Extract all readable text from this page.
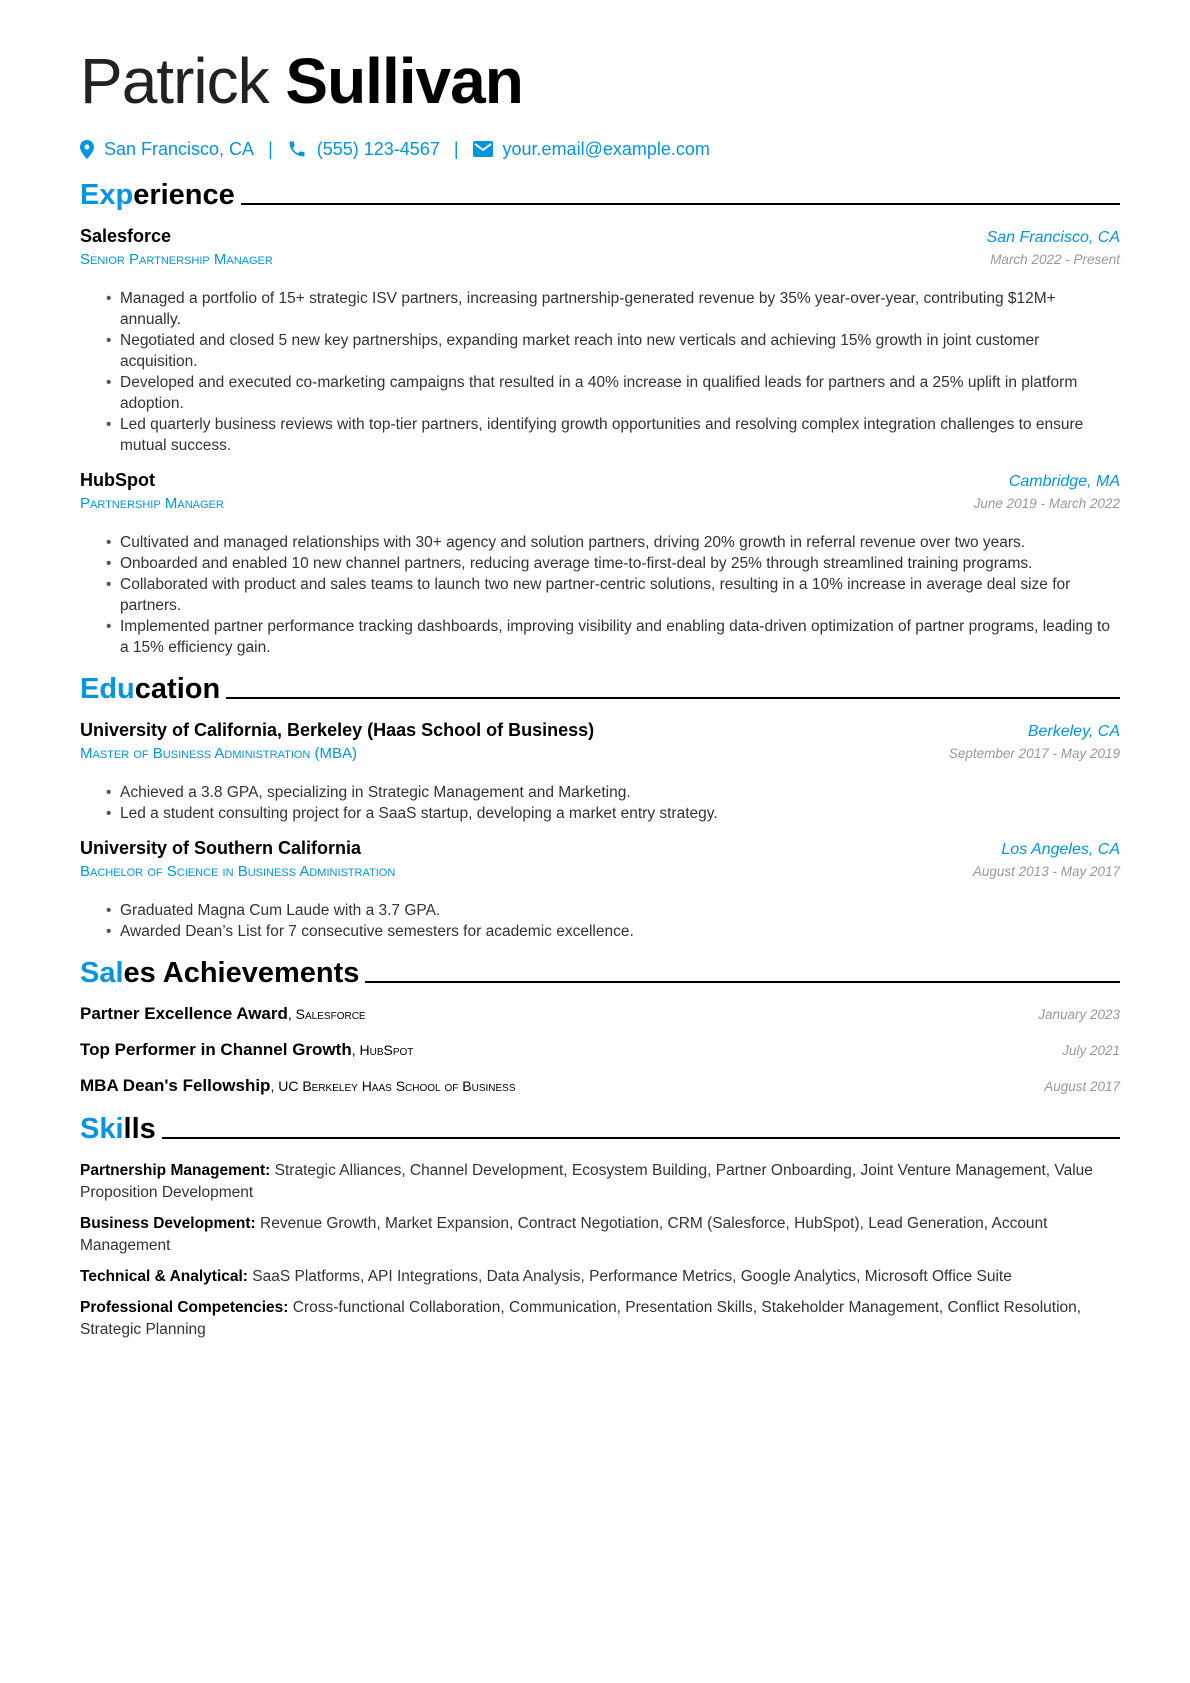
Patrick Sullivan
San Francisco, CA | (555) 123-4567 | your.email@example.com
Experience
Salesforce	San Francisco, CA
Senior Partnership Manager	March 2022 - Present
• Managed a portfolio of 15+ strategic ISV partners, increasing partnership-generated revenue by 35% year-over-year, contributing $12M+ annually.
• Negotiated and closed 5 new key partnerships, expanding market reach into new verticals and achieving 15% growth in joint customer acquisition.
• Developed and executed co-marketing campaigns that resulted in a 40% increase in qualified leads for partners and a 25% uplift in platform adoption.
• Led quarterly business reviews with top-tier partners, identifying growth opportunities and resolving complex integration challenges to ensure mutual success.
HubSpot	Cambridge, MA
Partnership Manager	June 2019 - March 2022
• Cultivated and managed relationships with 30+ agency and solution partners, driving 20% growth in referral revenue over two years.
• Onboarded and enabled 10 new channel partners, reducing average time-to-first-deal by 25% through streamlined training programs.
• Collaborated with product and sales teams to launch two new partner-centric solutions, resulting in a 10% increase in average deal size for partners.
• Implemented partner performance tracking dashboards, improving visibility and enabling data-driven optimization of partner programs, leading to a 15% efficiency gain.
Education
University of California, Berkeley (Haas School of Business)	Berkeley, CA
Master of Business Administration (MBA)	September 2017 - May 2019
• Achieved a 3.8 GPA, specializing in Strategic Management and Marketing.
• Led a student consulting project for a SaaS startup, developing a market entry strategy.
University of Southern California	Los Angeles, CA
Bachelor of Science in Business Administration	August 2013 - May 2017
• Graduated Magna Cum Laude with a 3.7 GPA.
• Awarded Dean’s List for 7 consecutive semesters for academic excellence.
Sales Achievements
Partner Excellence Award, Salesforce	January 2023
Top Performer in Channel Growth, HubSpot	July 2021
MBA Dean's Fellowship, UC Berkeley Haas School of Business	August 2017
Skills
Partnership Management: Strategic Alliances, Channel Development, Ecosystem Building, Partner Onboarding, Joint Venture Management, Value Proposition Development
Business Development: Revenue Growth, Market Expansion, Contract Negotiation, CRM (Salesforce, HubSpot), Lead Generation, Account Management
Technical & Analytical: SaaS Platforms, API Integrations, Data Analysis, Performance Metrics, Google Analytics, Microsoft Office Suite
Professional Competencies: Cross-functional Collaboration, Communication, Presentation Skills, Stakeholder Management, Conflict Resolution, Strategic Planning
